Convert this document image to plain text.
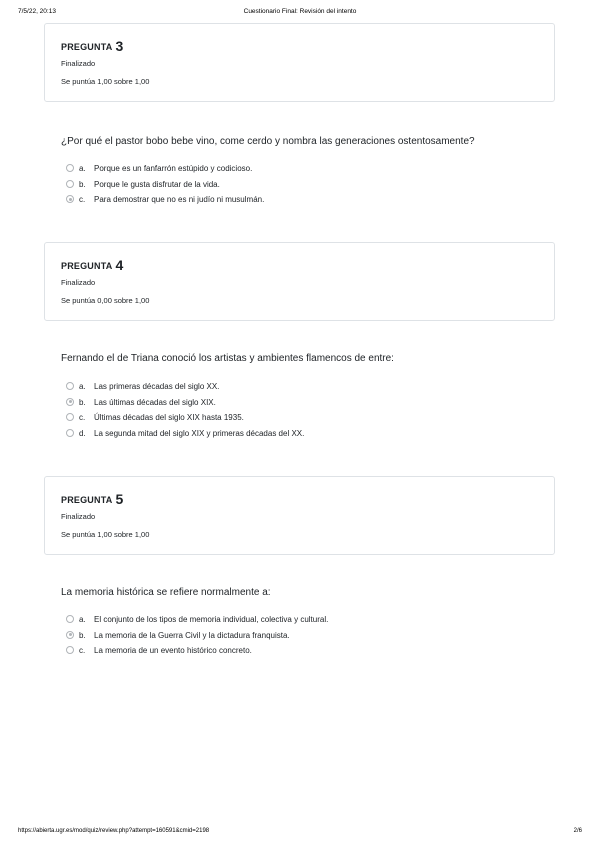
7/5/22, 20:13	Cuestionario Final: Revisión del intento
PREGUNTA 3
Finalizado
Se puntúa 1,00 sobre 1,00
¿Por qué el pastor bobo bebe vino, come cerdo y nombra las generaciones ostentosamente?
a. Porque es un fanfarrón estúpido y codicioso.
b. Porque le gusta disfrutar de la vida.
c. Para demostrar que no es ni judío ni musulmán.
PREGUNTA 4
Finalizado
Se puntúa 0,00 sobre 1,00
Fernando el de Triana conoció los artistas y ambientes flamencos de entre:
a. Las primeras décadas del siglo XX.
b. Las últimas décadas del siglo XIX.
c. Últimas décadas del siglo XIX hasta 1935.
d. La segunda mitad del siglo XIX y primeras décadas del XX.
PREGUNTA 5
Finalizado
Se puntúa 1,00 sobre 1,00
La memoria histórica se refiere normalmente a:
a. El conjunto de los tipos de memoria individual, colectiva y cultural.
b. La memoria de la Guerra Civil y la dictadura franquista.
c. La memoria de un evento histórico concreto.
https://abierta.ugr.es/mod/quiz/review.php?attempt=160591&cmid=2198	2/6
